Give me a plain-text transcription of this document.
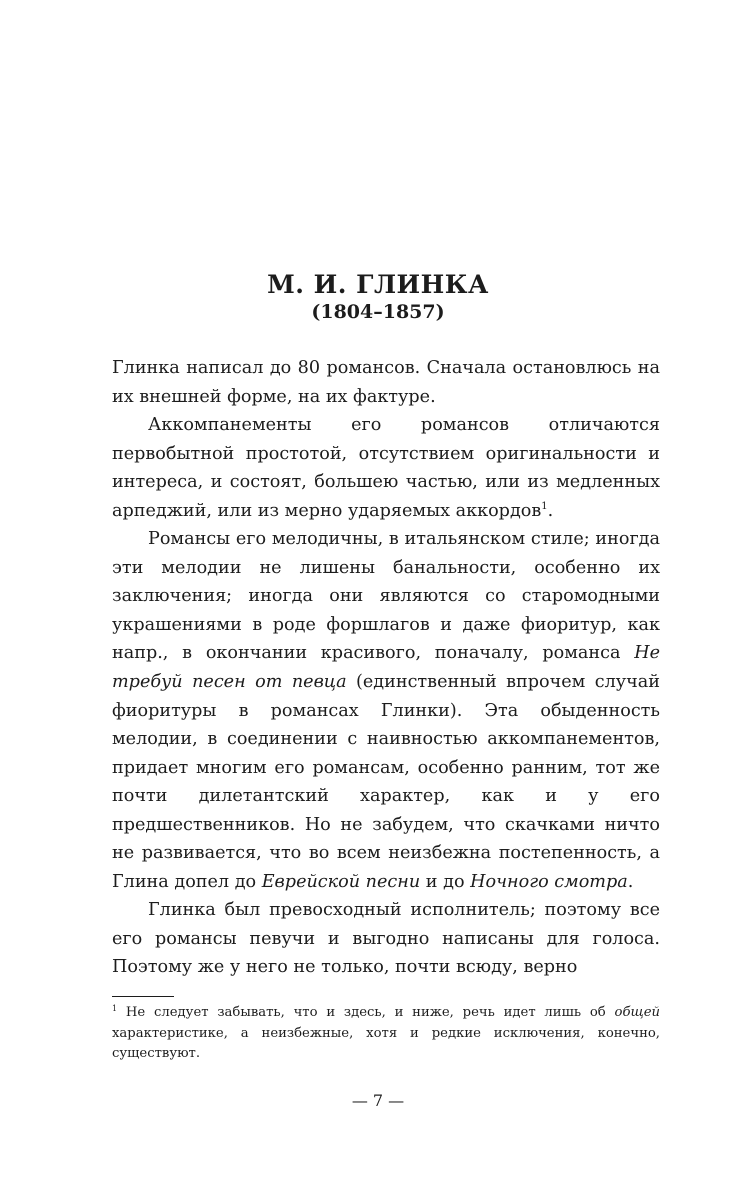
М. И. ГЛИНКА
(1804–1857)

Глинка написал до 80 романсов. Сначала остановлюсь на их внешней форме, на их фактуре.

Аккомпанементы его романсов отличаются первобытной простотой, отсутствием оригинальности и интереса, и состоят, большею частью, или из медленных арпеджий, или из мерно ударяемых аккордов$^1$.

Романсы его мелодичны, в итальянском стиле; иногда эти мелодии не лишены банальности, особенно их заключения; иногда они являются со старомодными украшениями в роде форшлагов и даже фиоритур, как напр., в окончании красивого, поначалу, романса Не требуй песен от певца (единственный впрочем случай фиоритуры в романсах Глинки). Эта обыденность мелодии, в соединении с наивностью аккомпанементов, придает многим его романсам, особенно ранним, тот же почти дилетантский характер, как и у его предшественников. Но не забудем, что скачками ничто не развивается, что во всем неизбежна постепенность, а Глина допел до Еврейской песни и до Ночного смотра.

Глинка был превосходный исполнитель; поэтому все его романсы певучи и выгодно написаны для голоса. Поэтому же у него не только, почти всюду, верно

$^1$ Не следует забывать, что и здесь, и ниже, речь идет лишь об общей характеристике, а неизбежные, хотя и редкие исключения, конечно, существуют.
— 7 —
